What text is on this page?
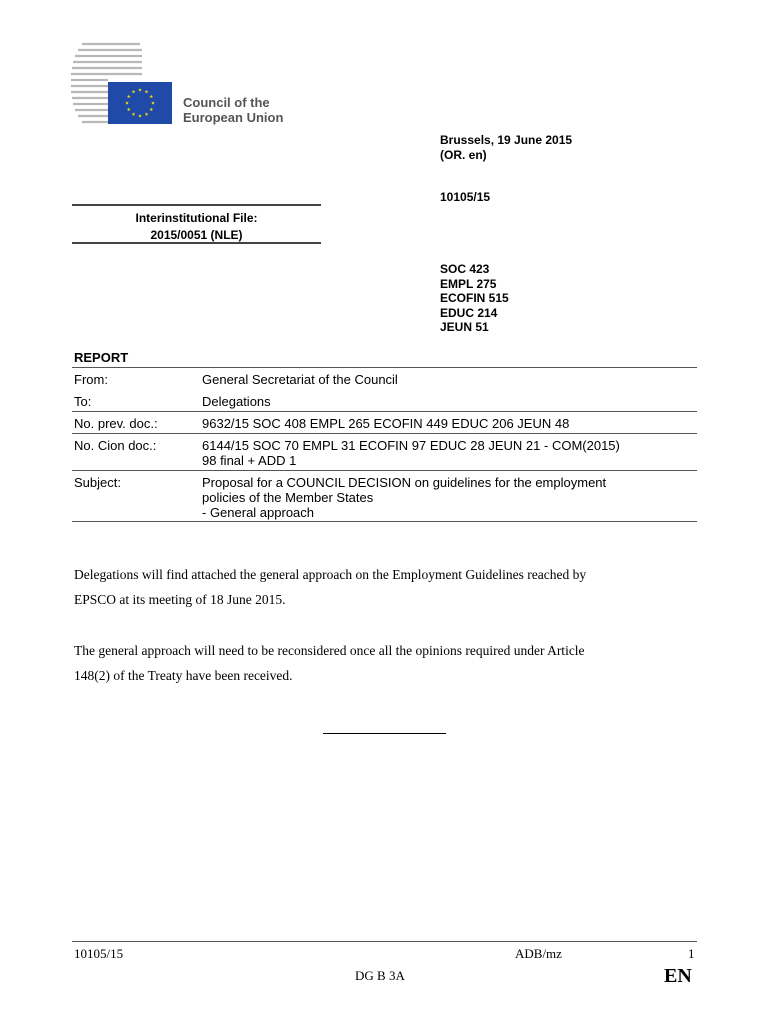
Council of the
European Union
Brussels, 19 June 2015
(OR. en)
10105/15
Interinstitutional File:
2015/0051 (NLE)
SOC 423
EMPL 275
ECOFIN 515
EDUC 214
JEUN 51
REPORT
From:	General Secretariat of the Council
To:	Delegations
No. prev. doc.:	9632/15 SOC 408 EMPL 265 ECOFIN 449 EDUC 206 JEUN 48
No. Cion doc.:	6144/15 SOC 70 EMPL 31 ECOFIN 97 EDUC 28 JEUN 21 - COM(2015)
98 final + ADD 1
Subject:	Proposal for a COUNCIL DECISION on guidelines for the employment
policies of the Member States
- General approach
Delegations will find attached the general approach on the Employment Guidelines reached by
EPSCO at its meeting of 18 June 2015.
The general approach will need to be reconsidered once all the opinions required under Article
148(2) of the Treaty have been received.
10105/15	ADB/mz	1
DG B 3A	EN
